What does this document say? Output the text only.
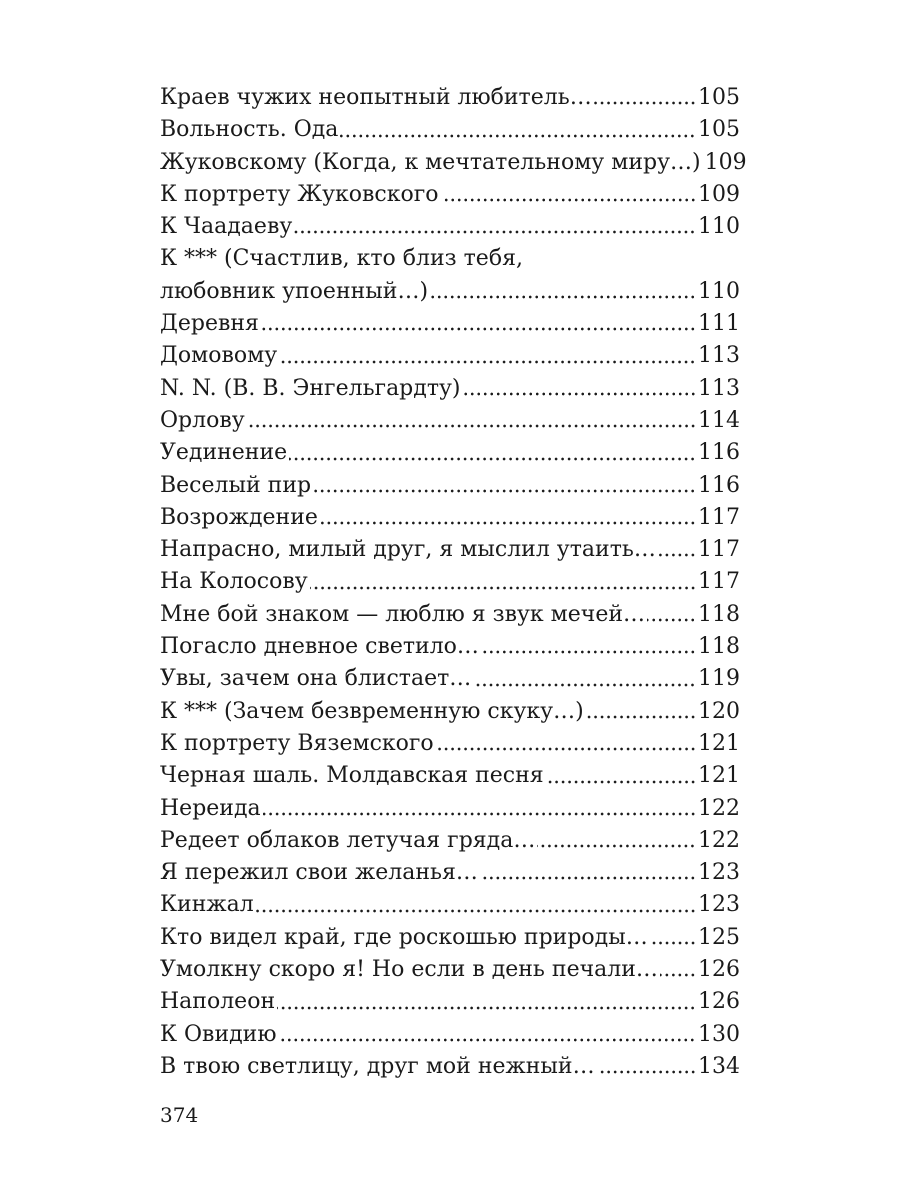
Краев чужих неопытный любитель…	105
Вольность. Ода	105
Жуковскому (Когда, к мечтательному миру…) 109
К портрету Жуковского	109
К Чаадаеву	110
К *** (Счастлив, кто близ тебя,
любовник упоенный…)	110
Деревня	111
Домовому	113
N. N. (В. В. Энгельгардту)	113
Орлову	114
Уединение	116
Веселый пир	116
Возрождение	117
Напрасно, милый друг, я мыслил утаить… 117
На Колосову	117
Мне бой знаком — люблю я звук мечей… 118
Погасло дневное светило…	118
Увы, зачем она блистает…	119
К *** (Зачем безвременную скуку…)	120
К портрету Вяземского	121
Черная шаль. Молдавская песня	121
Нереида	122
Редеет облаков летучая гряда…	122
Я пережил свои желанья…	123
Кинжал	123
Кто видел край, где роскошью природы… 125
Умолкну скоро я! Но если в день печали… 126
Наполеон	126
К Овидию	130
В твою светлицу, друг мой нежный…	134
374
